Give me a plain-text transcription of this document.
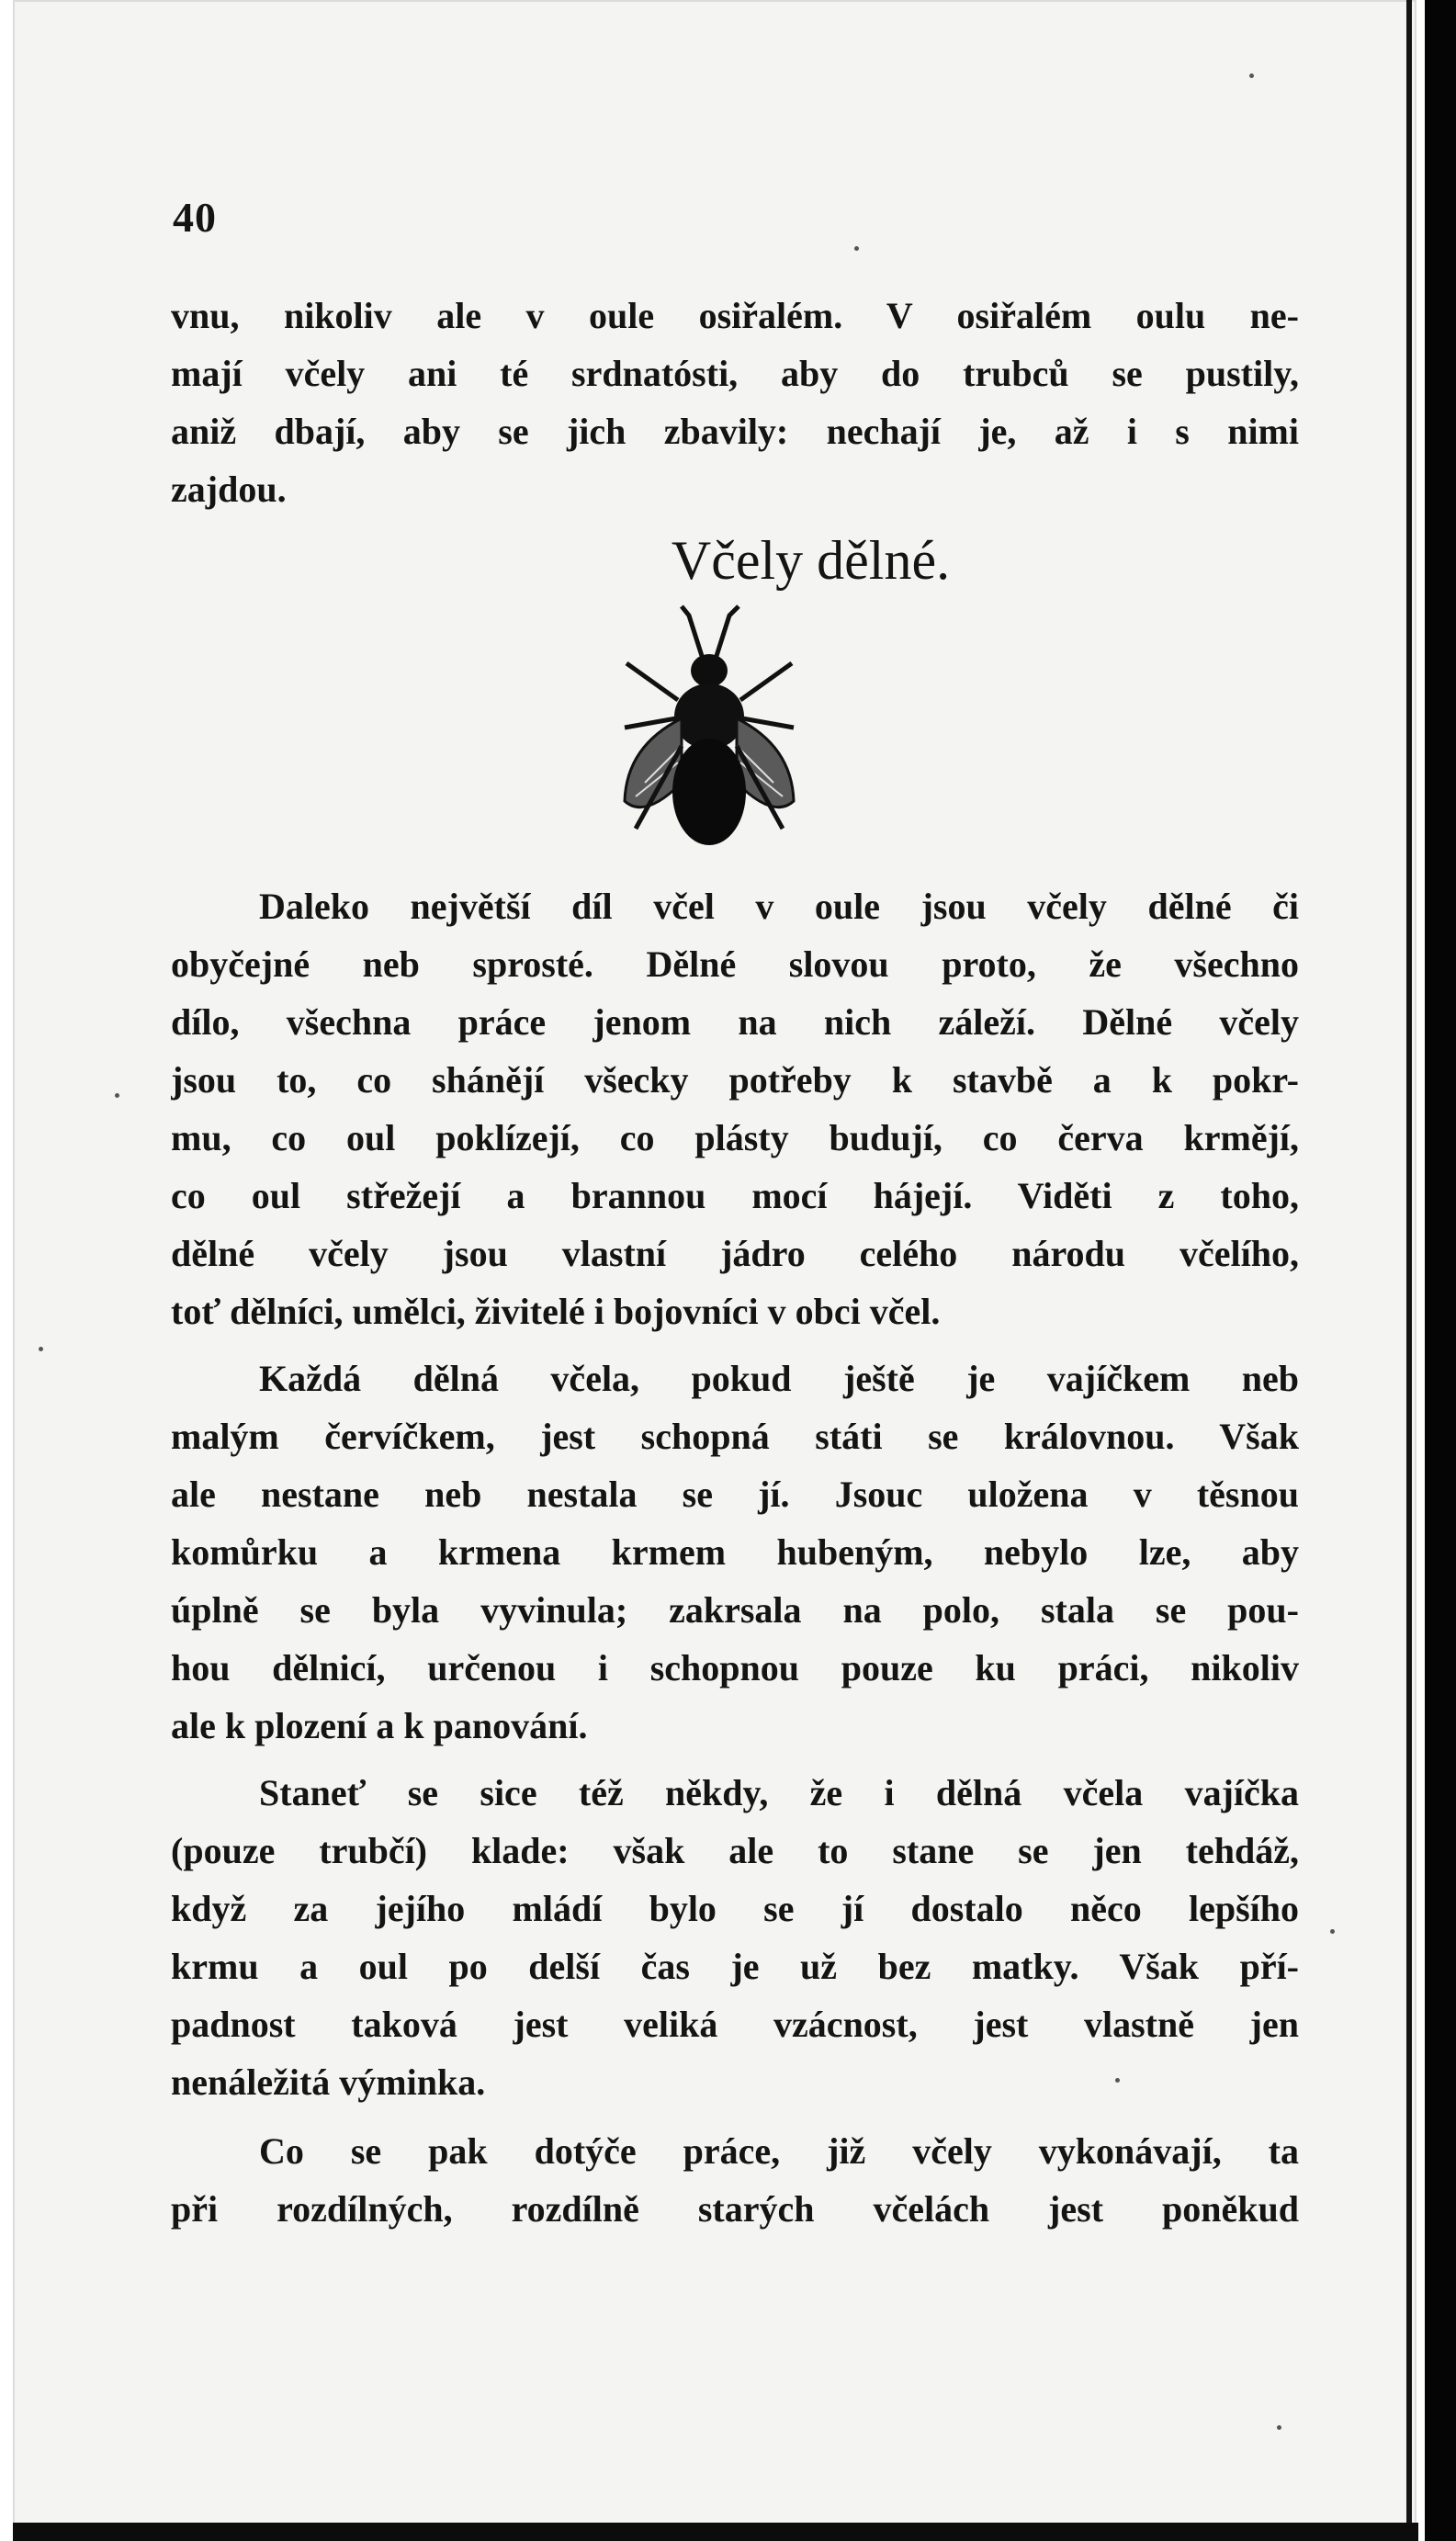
40
vnu, nikoliv ale v oule osiřalém. V osiřalém oulu ne-
mají včely ani té srdnatósti, aby do trubců se pustily,
aniž dbají, aby se jich zbavily: nechají je, až i s nimi
zajdou.
Včely dělné.
Daleko největší díl včel v oule jsou včely dělné či
obyčejné neb sprosté. Dělné slovou proto, že všechno
dílo, všechna práce jenom na nich záleží. Dělné včely
jsou to, co shánějí všecky potřeby k stavbě a k pokr-
mu, co oul poklízejí, co plásty budují, co červa krmějí,
co oul střežejí a brannou mocí hájejí. Viděti z toho,
dělné včely jsou vlastní jádro celého národu včelího,
toť dělníci, umělci, živitelé i bojovníci v obci včel.
Každá dělná včela, pokud ještě je vajíčkem neb
malým červíčkem, jest schopná státi se královnou. Však
ale nestane neb nestala se jí. Jsouc uložena v těsnou
komůrku a krmena krmem hubeným, nebylo lze, aby
úplně se byla vyvinula; zakrsala na polo, stala se pou-
hou dělnicí, určenou i schopnou pouze ku práci, nikoliv
ale k plození a k panování.
Staneť se sice též někdy, že i dělná včela vajíčka
(pouze trubčí) klade: však ale to stane se jen tehdáž,
když za jejího mládí bylo se jí dostalo něco lepšího
krmu a oul po delší čas je už bez matky. Však pří-
padnost taková jest veliká vzácnost, jest vlastně jen
nenáležitá výminka.
Co se pak dotýče práce, již včely vykonávají, ta
při rozdílných, rozdílně starých včelách jest poněkud
